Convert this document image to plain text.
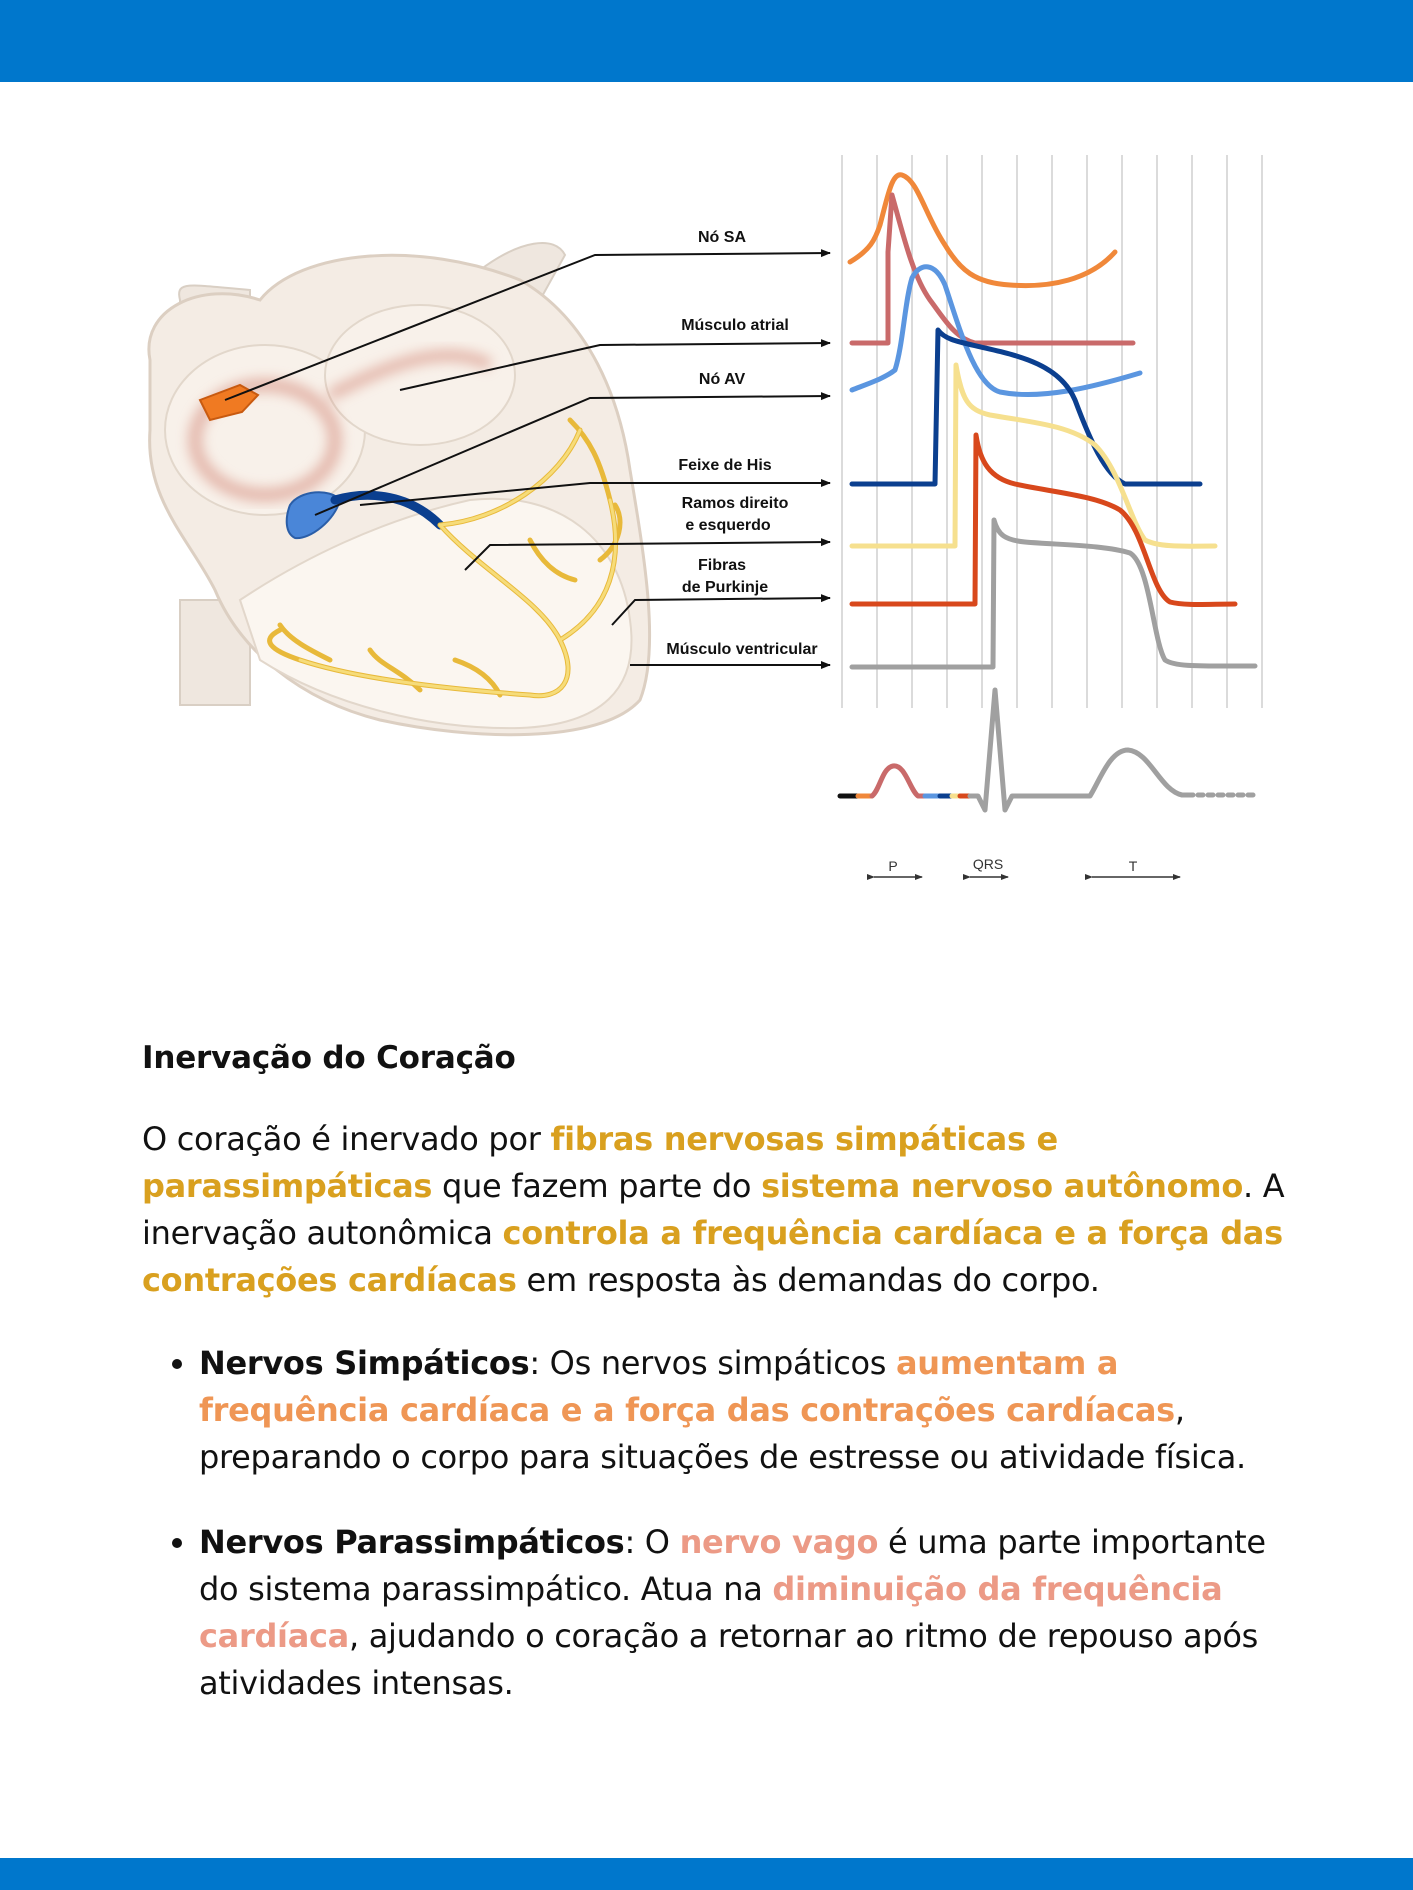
Nó SA
Músculo atrial
Nó AV
Feixe de His
Ramos direito
e esquerdo
Fibras
de Purkinje
Músculo ventricular
P	QRS	T
Inervação do Coração

O coração é inervado por fibras nervosas simpáticas e parassimpáticas que fazem parte do sistema nervoso autônomo. A inervação autonômica controla a frequência cardíaca e a força das contrações cardíacas em resposta às demandas do corpo.

• Nervos Simpáticos: Os nervos simpáticos aumentam a frequência cardíaca e a força das contrações cardíacas, preparando o corpo para situações de estresse ou atividade física.
• Nervos Parassimpáticos: O nervo vago é uma parte importante do sistema parassimpático. Atua na diminuição da frequência cardíaca, ajudando o coração a retornar ao ritmo de repouso após atividades intensas.
